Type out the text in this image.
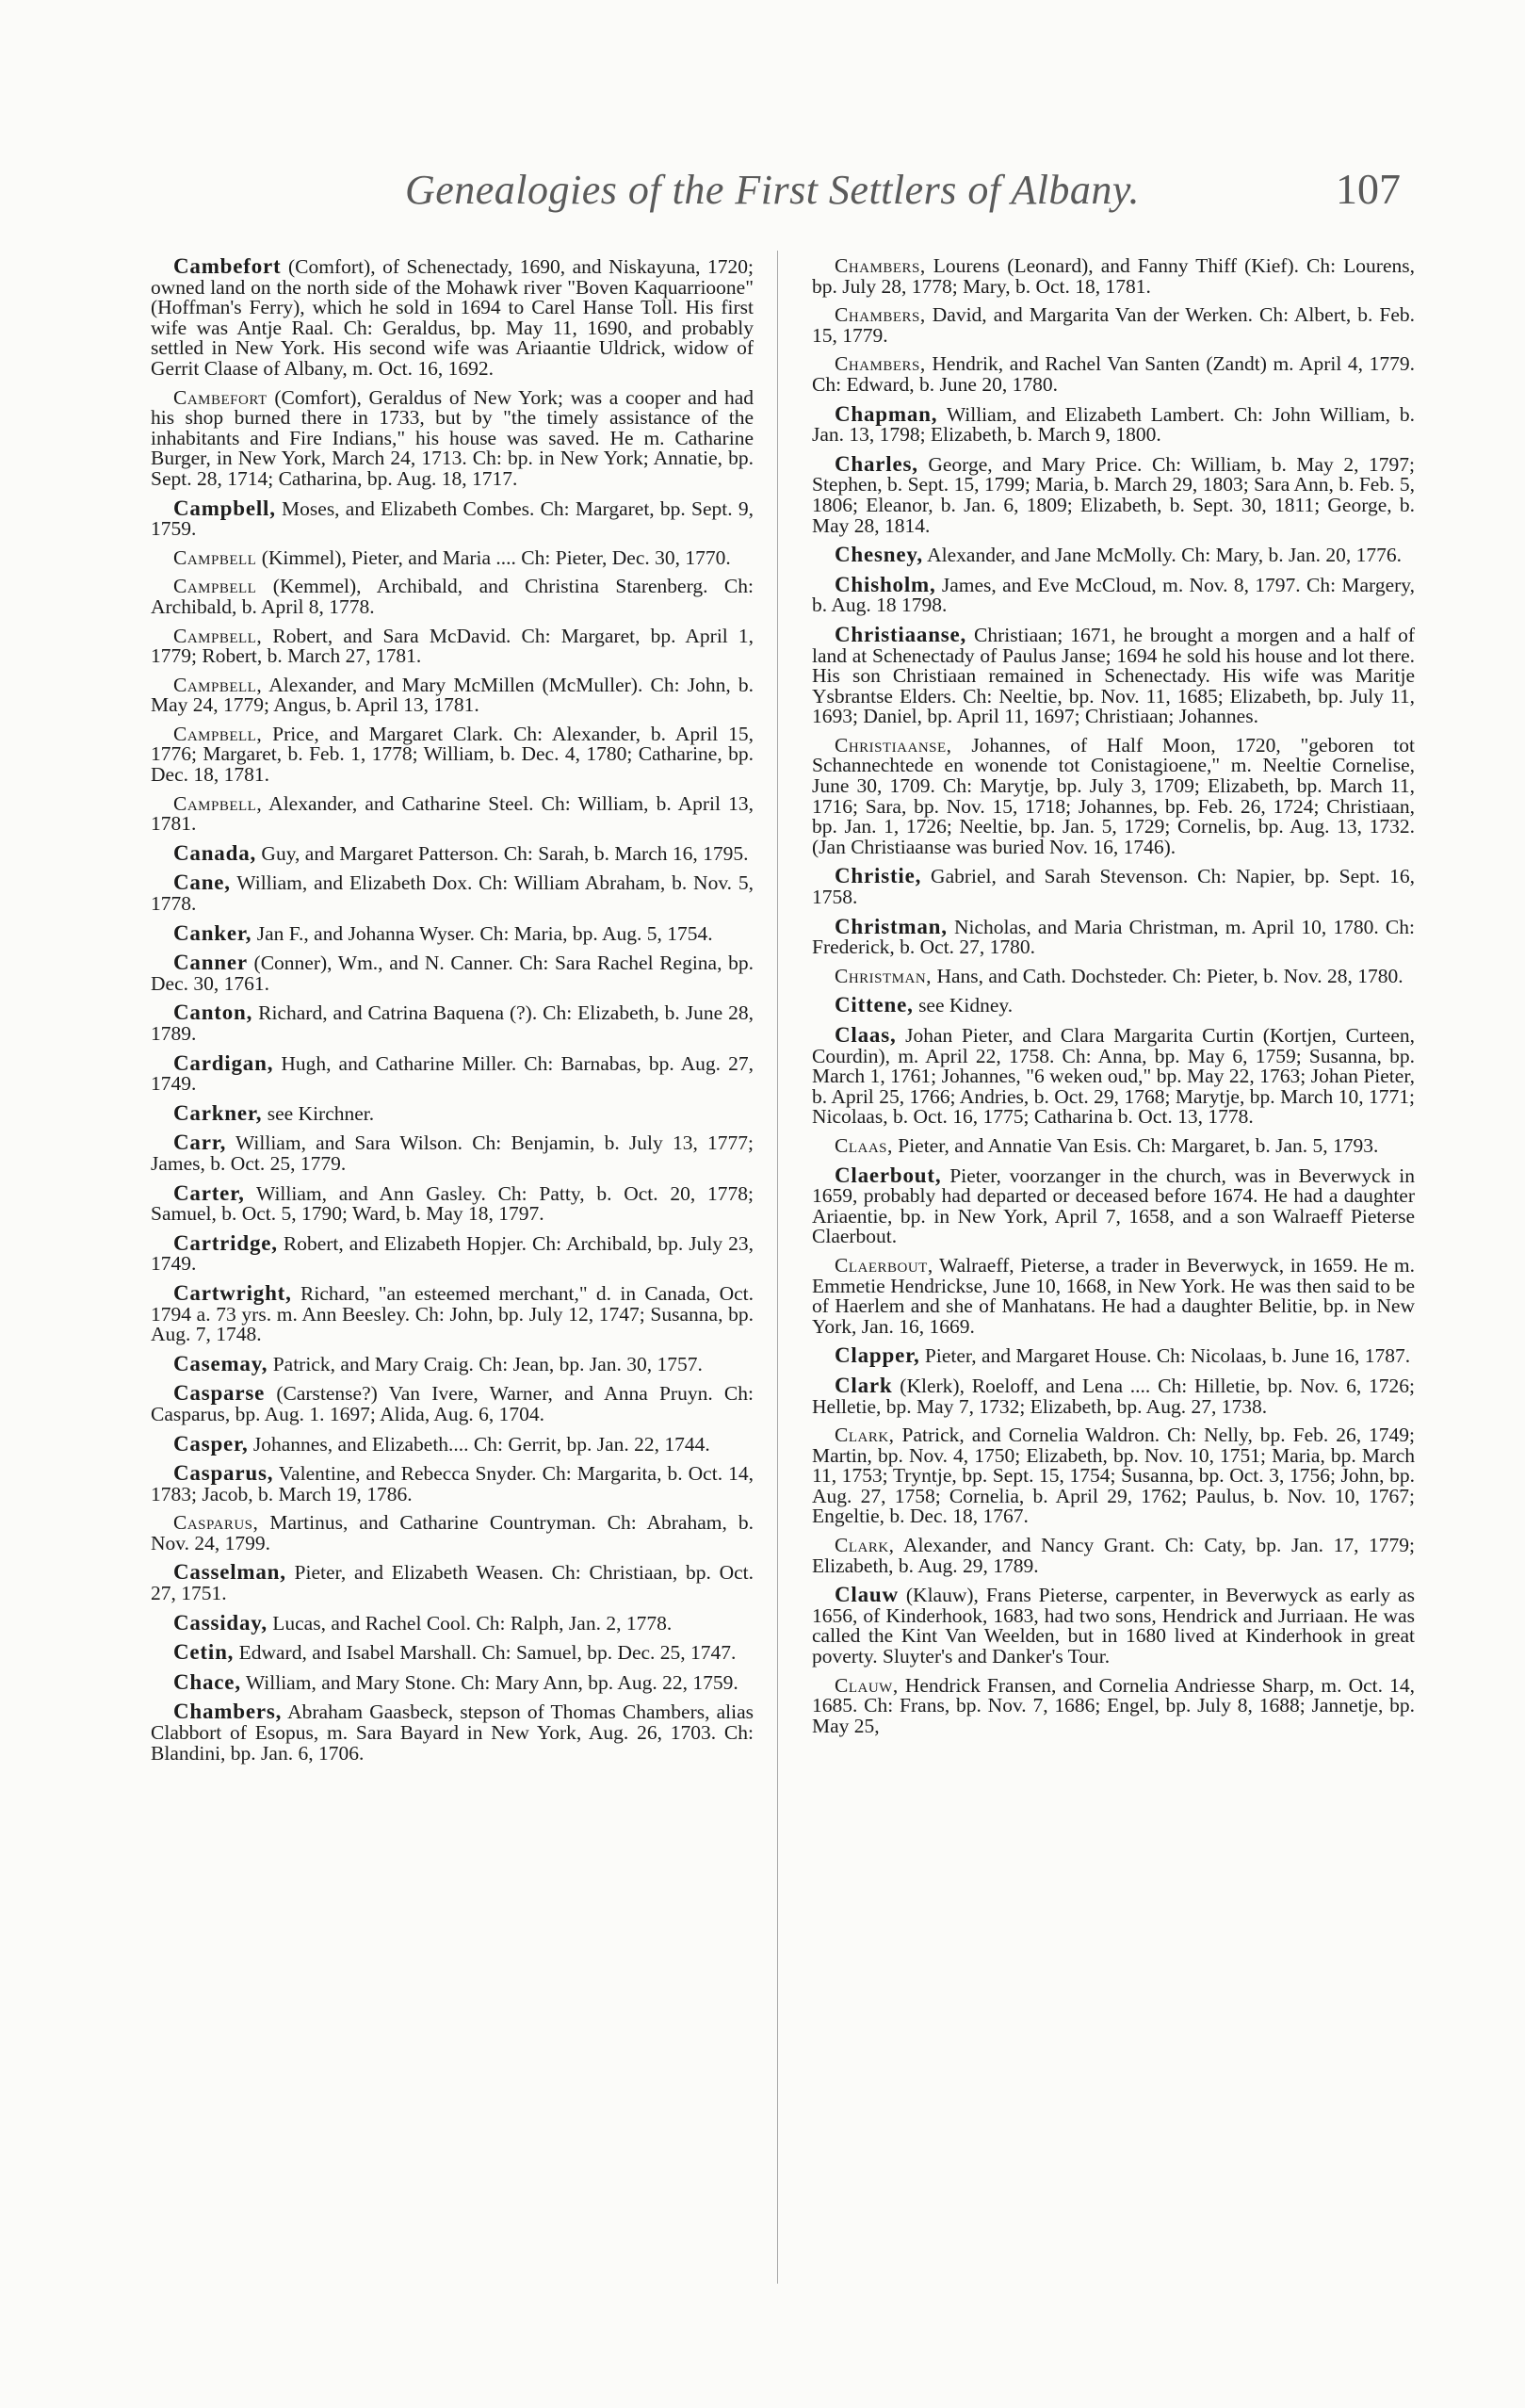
Genealogies of the First Settlers of Albany.	107

Cambefort (Comfort), of Schenectady, 1690, and Niskayuna, 1720; owned land on the north side of the Mohawk river "Boven Kaquarrioone" (Hoffman's Ferry), which he sold in 1694 to Carel Hanse Toll. His first wife was Antje Raal. Ch: Geraldus, bp. May 11, 1690, and probably settled in New York. His second wife was Ariaantie Uldrick, widow of Gerrit Claase of Albany, m. Oct. 16, 1692.

Cambefort (Comfort), Geraldus of New York; was a cooper and had his shop burned there in 1733, but by "the timely assistance of the inhabitants and Fire Indians," his house was saved. He m. Catharine Burger, in New York, March 24, 1713. Ch: bp. in New York; Annatie, bp. Sept. 28, 1714; Catharina, bp. Aug. 18, 1717.

Campbell, Moses, and Elizabeth Combes. Ch: Margaret, bp. Sept. 9, 1759.

Campbell (Kimmel), Pieter, and Maria .... Ch: Pieter, Dec. 30, 1770.

Campbell (Kemmel), Archibald, and Christina Starenberg. Ch: Archibald, b. April 8, 1778.

Campbell, Robert, and Sara McDavid. Ch: Margaret, bp. April 1, 1779; Robert, b. March 27, 1781.

Campbell, Alexander, and Mary McMillen (McMuller). Ch: John, b. May 24, 1779; Angus, b. April 13, 1781.

Campbell, Price, and Margaret Clark. Ch: Alexander, b. April 15, 1776; Margaret, b. Feb. 1, 1778; William, b. Dec. 4, 1780; Catharine, bp. Dec. 18, 1781.

Campbell, Alexander, and Catharine Steel. Ch: William, b. April 13, 1781.

Canada, Guy, and Margaret Patterson. Ch: Sarah, b. March 16, 1795.

Cane, William, and Elizabeth Dox. Ch: William Abraham, b. Nov. 5, 1778.

Canker, Jan F., and Johanna Wyser. Ch: Maria, bp. Aug. 5, 1754.

Canner (Conner), Wm., and N. Canner. Ch: Sara Rachel Regina, bp. Dec. 30, 1761.

Canton, Richard, and Catrina Baquena (?). Ch: Elizabeth, b. June 28, 1789.

Cardigan, Hugh, and Catharine Miller. Ch: Barnabas, bp. Aug. 27, 1749.

Carkner, see Kirchner.

Carr, William, and Sara Wilson. Ch: Benjamin, b. July 13, 1777; James, b. Oct. 25, 1779.

Carter, William, and Ann Gasley. Ch: Patty, b. Oct. 20, 1778; Samuel, b. Oct. 5, 1790; Ward, b. May 18, 1797.

Cartridge, Robert, and Elizabeth Hopjer. Ch: Archibald, bp. July 23, 1749.

Cartwright, Richard, "an esteemed merchant," d. in Canada, Oct. 1794 a. 73 yrs. m. Ann Beesley. Ch: John, bp. July 12, 1747; Susanna, bp. Aug. 7, 1748.

Casemay, Patrick, and Mary Craig. Ch: Jean, bp. Jan. 30, 1757.

Casparse (Carstense?) Van Ivere, Warner, and Anna Pruyn. Ch: Casparus, bp. Aug. 1. 1697; Alida, Aug. 6, 1704.

Casper, Johannes, and Elizabeth.... Ch: Gerrit, bp. Jan. 22, 1744.

Casparus, Valentine, and Rebecca Snyder. Ch: Margarita, b. Oct. 14, 1783; Jacob, b. March 19, 1786.

Casparus, Martinus, and Catharine Countryman. Ch: Abraham, b. Nov. 24, 1799.

Casselman, Pieter, and Elizabeth Weasen. Ch: Christiaan, bp. Oct. 27, 1751.

Cassiday, Lucas, and Rachel Cool. Ch: Ralph, Jan. 2, 1778.

Cetin, Edward, and Isabel Marshall. Ch: Samuel, bp. Dec. 25, 1747.

Chace, William, and Mary Stone. Ch: Mary Ann, bp. Aug. 22, 1759.

Chambers, Abraham Gaasbeck, stepson of Thomas Chambers, alias Clabbort of Esopus, m. Sara Bayard in New York, Aug. 26, 1703. Ch: Blandini, bp. Jan. 6, 1706.

Chambers, Lourens (Leonard), and Fanny Thiff (Kief). Ch: Lourens, bp. July 28, 1778; Mary, b. Oct. 18, 1781.

Chambers, David, and Margarita Van der Werken. Ch: Albert, b. Feb. 15, 1779.

Chambers, Hendrik, and Rachel Van Santen (Zandt) m. April 4, 1779. Ch: Edward, b. June 20, 1780.

Chapman, William, and Elizabeth Lambert. Ch: John William, b. Jan. 13, 1798; Elizabeth, b. March 9, 1800.

Charles, George, and Mary Price. Ch: William, b. May 2, 1797; Stephen, b. Sept. 15, 1799; Maria, b. March 29, 1803; Sara Ann, b. Feb. 5, 1806; Eleanor, b. Jan. 6, 1809; Elizabeth, b. Sept. 30, 1811; George, b. May 28, 1814.

Chesney, Alexander, and Jane McMolly. Ch: Mary, b. Jan. 20, 1776.

Chisholm, James, and Eve McCloud, m. Nov. 8, 1797. Ch: Margery, b. Aug. 18 1798.

Christiaanse, Christiaan; 1671, he brought a morgen and a half of land at Schenectady of Paulus Janse; 1694 he sold his house and lot there. His son Christiaan remained in Schenectady. His wife was Maritje Ysbrantse Elders. Ch: Neeltie, bp. Nov. 11, 1685; Elizabeth, bp. July 11, 1693; Daniel, bp. April 11, 1697; Christiaan; Johannes.

Christiaanse, Johannes, of Half Moon, 1720, "geboren tot Schannechtede en wonende tot Conistagioene," m. Neeltie Cornelise, June 30, 1709. Ch: Marytje, bp. July 3, 1709; Elizabeth, bp. March 11, 1716; Sara, bp. Nov. 15, 1718; Johannes, bp. Feb. 26, 1724; Christiaan, bp. Jan. 1, 1726; Neeltie, bp. Jan. 5, 1729; Cornelis, bp. Aug. 13, 1732. (Jan Christiaanse was buried Nov. 16, 1746).

Christie, Gabriel, and Sarah Stevenson. Ch: Napier, bp. Sept. 16, 1758.

Christman, Nicholas, and Maria Christman, m. April 10, 1780. Ch: Frederick, b. Oct. 27, 1780.

Christman, Hans, and Cath. Dochsteder. Ch: Pieter, b. Nov. 28, 1780.

Cittene, see Kidney.

Claas, Johan Pieter, and Clara Margarita Curtin (Kortjen, Curteen, Courdin), m. April 22, 1758. Ch: Anna, bp. May 6, 1759; Susanna, bp. March 1, 1761; Johannes, "6 weken oud," bp. May 22, 1763; Johan Pieter, b. April 25, 1766; Andries, b. Oct. 29, 1768; Marytje, bp. March 10, 1771; Nicolaas, b. Oct. 16, 1775; Catharina b. Oct. 13, 1778.

Claas, Pieter, and Annatie Van Esis. Ch: Margaret, b. Jan. 5, 1793.

Claerbout, Pieter, voorzanger in the church, was in Beverwyck in 1659, probably had departed or deceased before 1674. He had a daughter Ariaentie, bp. in New York, April 7, 1658, and a son Walraeff Pieterse Claerbout.

Claerbout, Walraeff, Pieterse, a trader in Beverwyck, in 1659. He m. Emmetie Hendrickse, June 10, 1668, in New York. He was then said to be of Haerlem and she of Manhatans. He had a daughter Belitie, bp. in New York, Jan. 16, 1669.

Clapper, Pieter, and Margaret House. Ch: Nicolaas, b. June 16, 1787.

Clark (Klerk), Roeloff, and Lena .... Ch: Hilletie, bp. Nov. 6, 1726; Helletie, bp. May 7, 1732; Elizabeth, bp. Aug. 27, 1738.

Clark, Patrick, and Cornelia Waldron. Ch: Nelly, bp. Feb. 26, 1749; Martin, bp. Nov. 4, 1750; Elizabeth, bp. Nov. 10, 1751; Maria, bp. March 11, 1753; Tryntje, bp. Sept. 15, 1754; Susanna, bp. Oct. 3, 1756; John, bp. Aug. 27, 1758; Cornelia, b. April 29, 1762; Paulus, b. Nov. 10, 1767; Engeltie, b. Dec. 18, 1767.

Clark, Alexander, and Nancy Grant. Ch: Caty, bp. Jan. 17, 1779; Elizabeth, b. Aug. 29, 1789.

Clauw (Klauw), Frans Pieterse, carpenter, in Beverwyck as early as 1656, of Kinderhook, 1683, had two sons, Hendrick and Jurriaan. He was called the Kint Van Weelden, but in 1680 lived at Kinderhook in great poverty. Sluyter's and Danker's Tour.

Clauw, Hendrick Fransen, and Cornelia Andriesse Sharp, m. Oct. 14, 1685. Ch: Frans, bp. Nov. 7, 1686; Engel, bp. July 8, 1688; Jannetje, bp. May 25,
